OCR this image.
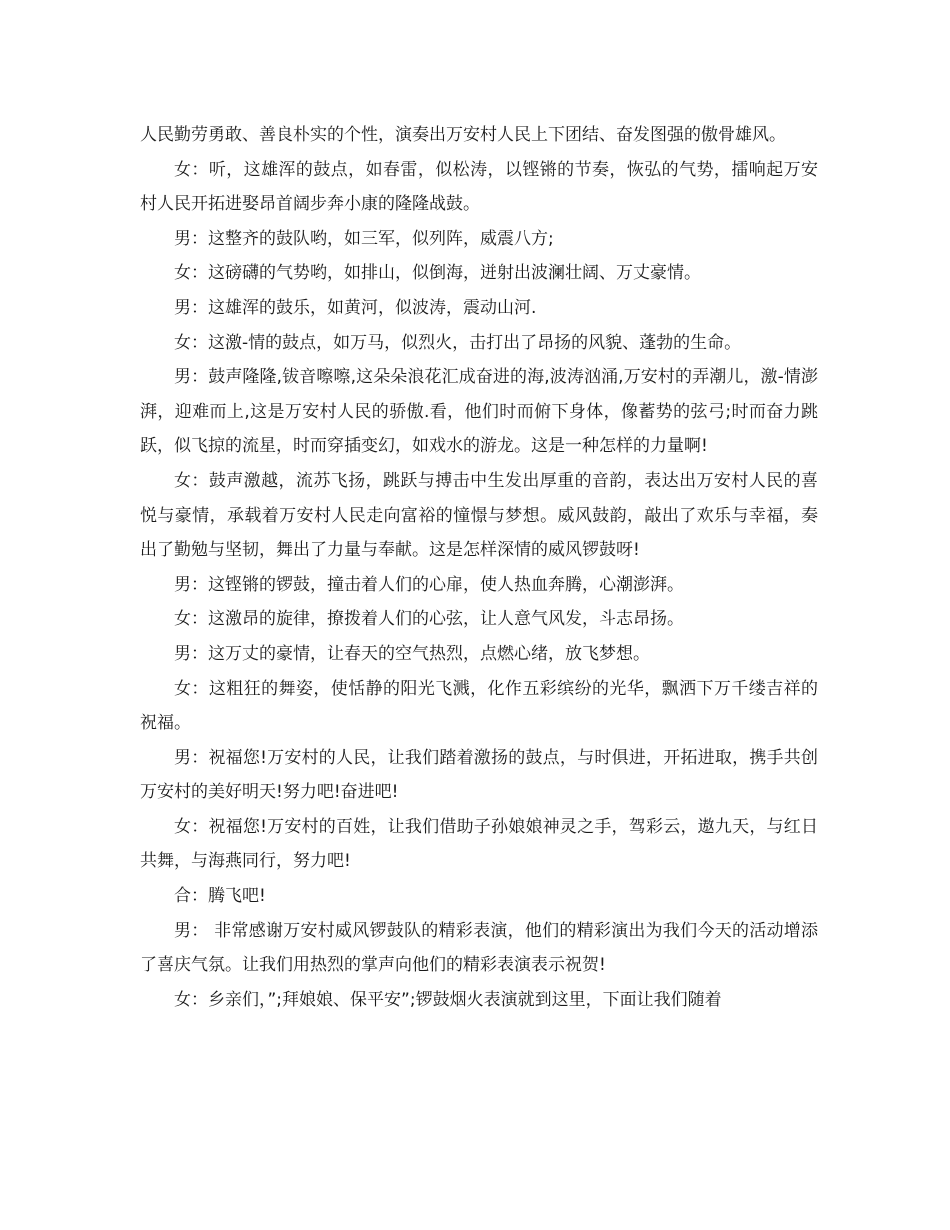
人民勤劳勇敢、善良朴实的个性，演奏出万安村人民上下团结、奋发图强的傲骨雄风。

女：听，这雄浑的鼓点，如春雷，似松涛，以铿锵的节奏，恢弘的气势，擂响起万安村人民开拓进娶昂首阔步奔小康的隆隆战鼓。

男：这整齐的鼓队哟，如三军，似列阵，威震八方;

女：这磅礴的气势哟，如排山，似倒海，迸射出波澜壮阔、万丈豪情。

男：这雄浑的鼓乐，如黄河，似波涛，震动山河.

女：这激-情的鼓点，如万马，似烈火，击打出了昂扬的风貌、蓬勃的生命。

男：鼓声隆隆,钹音嚓嚓,这朵朵浪花汇成奋进的海,波涛汹涌,万安村的弄潮儿，激-情澎湃，迎难而上,这是万安村人民的骄傲.看，他们时而俯下身体，像蓄势的弦弓;时而奋力跳跃，似飞掠的流星，时而穿插变幻，如戏水的游龙。这是一种怎样的力量啊!

女：鼓声激越，流苏飞扬，跳跃与搏击中生发出厚重的音韵，表达出万安村人民的喜悦与豪情，承载着万安村人民走向富裕的憧憬与梦想。威风鼓韵，敲出了欢乐与幸福，奏出了勤勉与坚韧，舞出了力量与奉献。这是怎样深情的威风锣鼓呀!

男：这铿锵的锣鼓，撞击着人们的心扉，使人热血奔腾，心潮澎湃。

女：这激昂的旋律，撩拨着人们的心弦，让人意气风发，斗志昂扬。

男：这万丈的豪情，让春天的空气热烈，点燃心绪，放飞梦想。

女：这粗狂的舞姿，使恬静的阳光飞溅，化作五彩缤纷的光华，飘洒下万千缕吉祥的祝福。

男：祝福您!万安村的人民，让我们踏着激扬的鼓点，与时俱进，开拓进取，携手共创万安村的美好明天!努力吧!奋进吧!

女：祝福您!万安村的百姓，让我们借助子孙娘娘神灵之手，驾彩云，遨九天，与红日共舞，与海燕同行，努力吧!

合：腾飞吧!

男： 非常感谢万安村威风锣鼓队的精彩表演，他们的精彩演出为我们今天的活动增添了喜庆气氛。让我们用热烈的掌声向他们的精彩表演表示祝贺!

女：乡亲们，”;拜娘娘、保平安”;锣鼓烟火表演就到这里，下面让我们随着
